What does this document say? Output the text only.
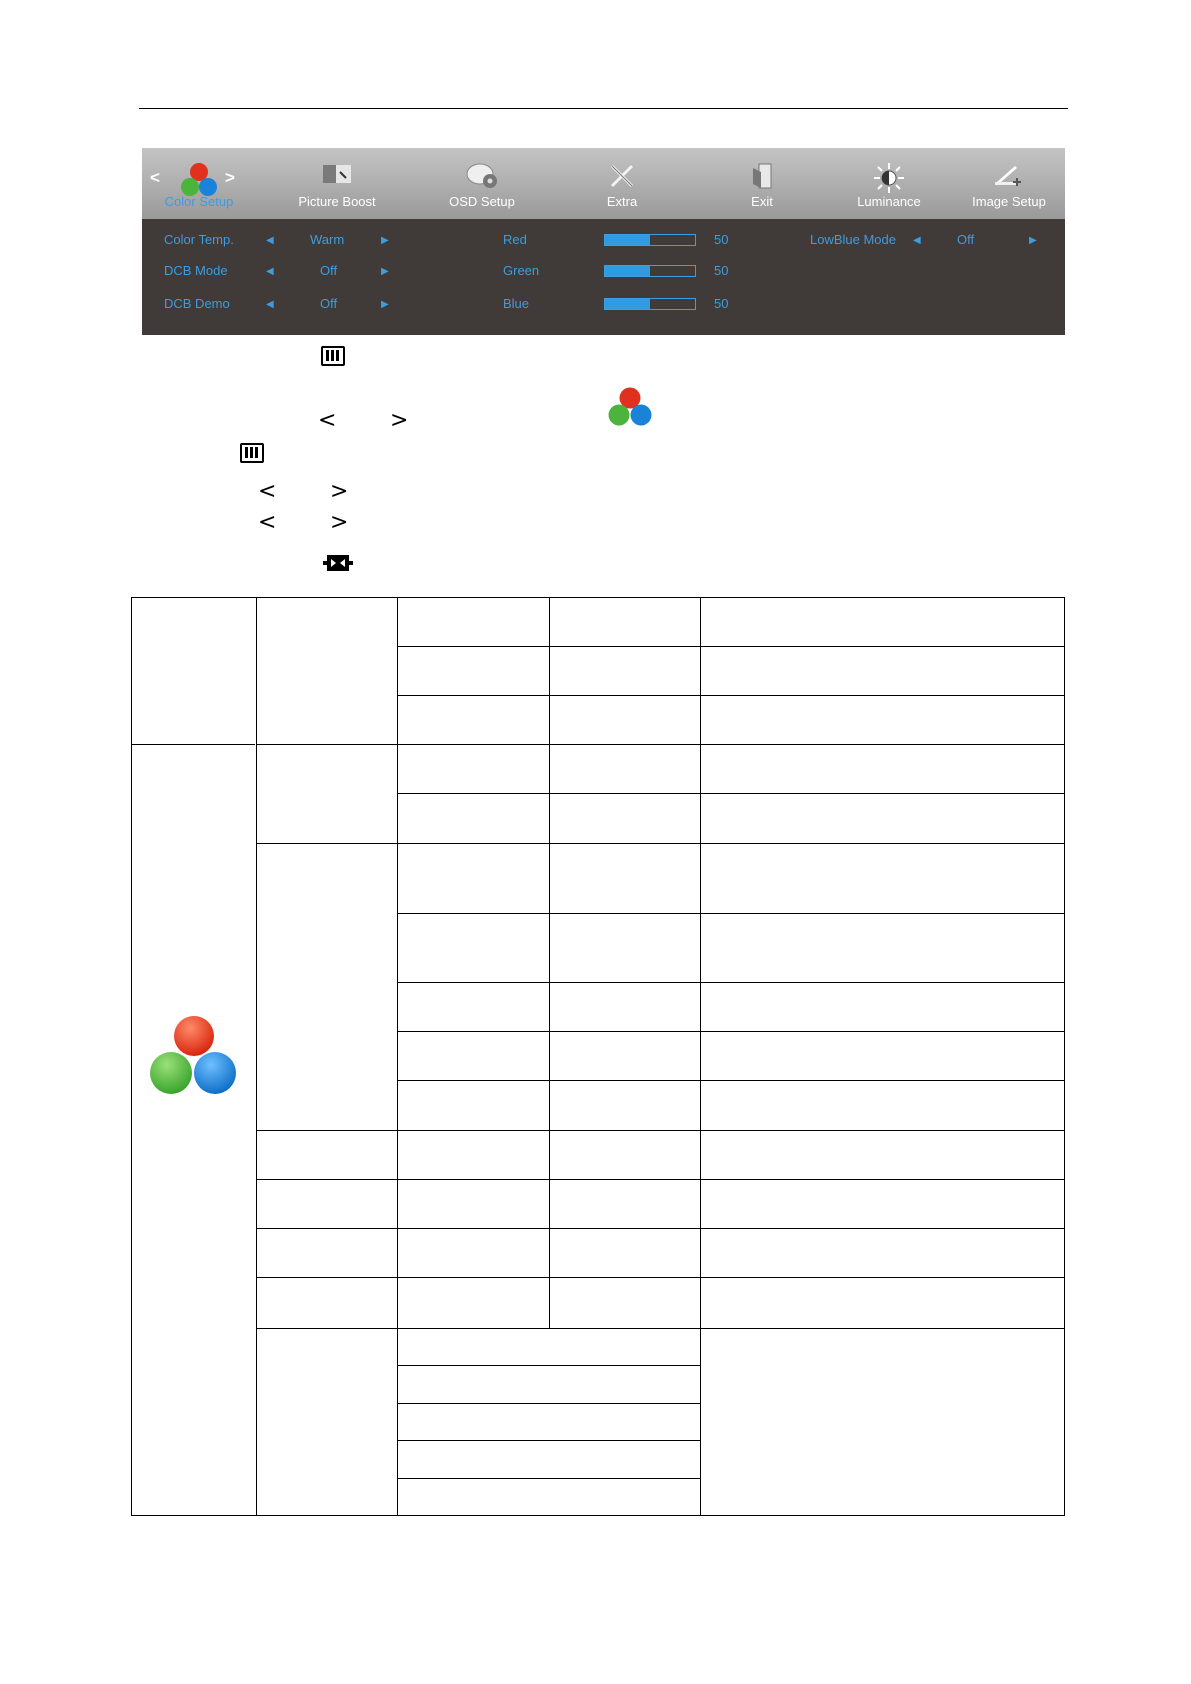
<	>
Color Setup	Picture Boost	OSD Setup	Extra	Exit	Luminance	Image Setup
Color Temp.	◀	Warm	▶
DCB Mode	◀	Off	▶
DCB Demo	◀	Off	▶
Red	50
Green	50
Blue	50
LowBlue Mode ◀	Off	▶
< >
< >
< >
